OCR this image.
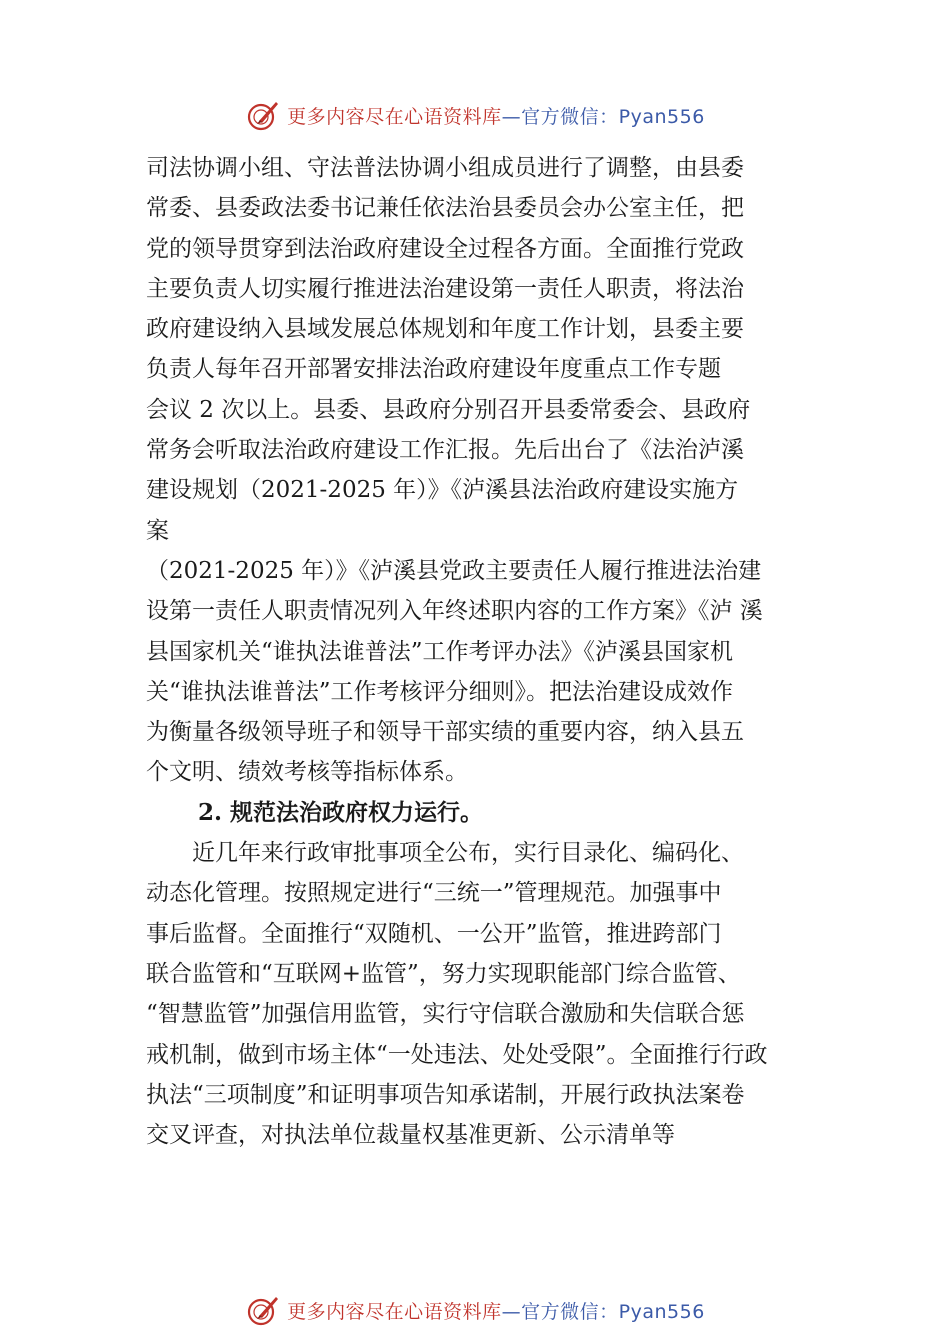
更多内容尽在心语资料库—官方微信：Pyan556
司法协调小组、守法普法协调小组成员进行了调整，由县委
常委、县委政法委书记兼任依法治县委员会办公室主任，把
党的领导贯穿到法治政府建设全过程各方面。全面推行党政
主要负责人切实履行推进法治建设第一责任人职责，将法治
政府建设纳入县域发展总体规划和年度工作计划，县委主要
负责人每年召开部署安排法治政府建设年度重点工作专题
会议 2 次以上。县委、县政府分别召开县委常委会、县政府
常务会听取法治政府建设工作汇报。先后出台了《法治泸溪
建设规划（2021-2025 年）》《泸溪县法治政府建设实施方
案
（2021-2025 年）》《泸溪县党政主要责任人履行推进法治建
设第一责任人职责情况列入年终述职内容的工作方案》《泸 溪
县国家机关“谁执法谁普法”工作考评办法》《泸溪县国家机
关“谁执法谁普法”工作考核评分细则》。把法治建设成效作
为衡量各级领导班子和领导干部实绩的重要内容，纳入县五
个文明、绩效考核等指标体系。
2. 规范法治政府权力运行。
近几年来行政审批事项全公布，实行目录化、编码化、
动态化管理。按照规定进行“三统一”管理规范。加强事中
事后监督。全面推行“双随机、一公开”监管，推进跨部门
联合监管和“互联网+监管”，努力实现职能部门综合监管、
“智慧监管”加强信用监管，实行守信联合激励和失信联合惩
戒机制，做到市场主体“一处违法、处处受限”。全面推行行政
执法“三项制度”和证明事项告知承诺制，开展行政执法案卷
交叉评查，对执法单位裁量权基准更新、公示清单等
更多内容尽在心语资料库—官方微信：Pyan556
